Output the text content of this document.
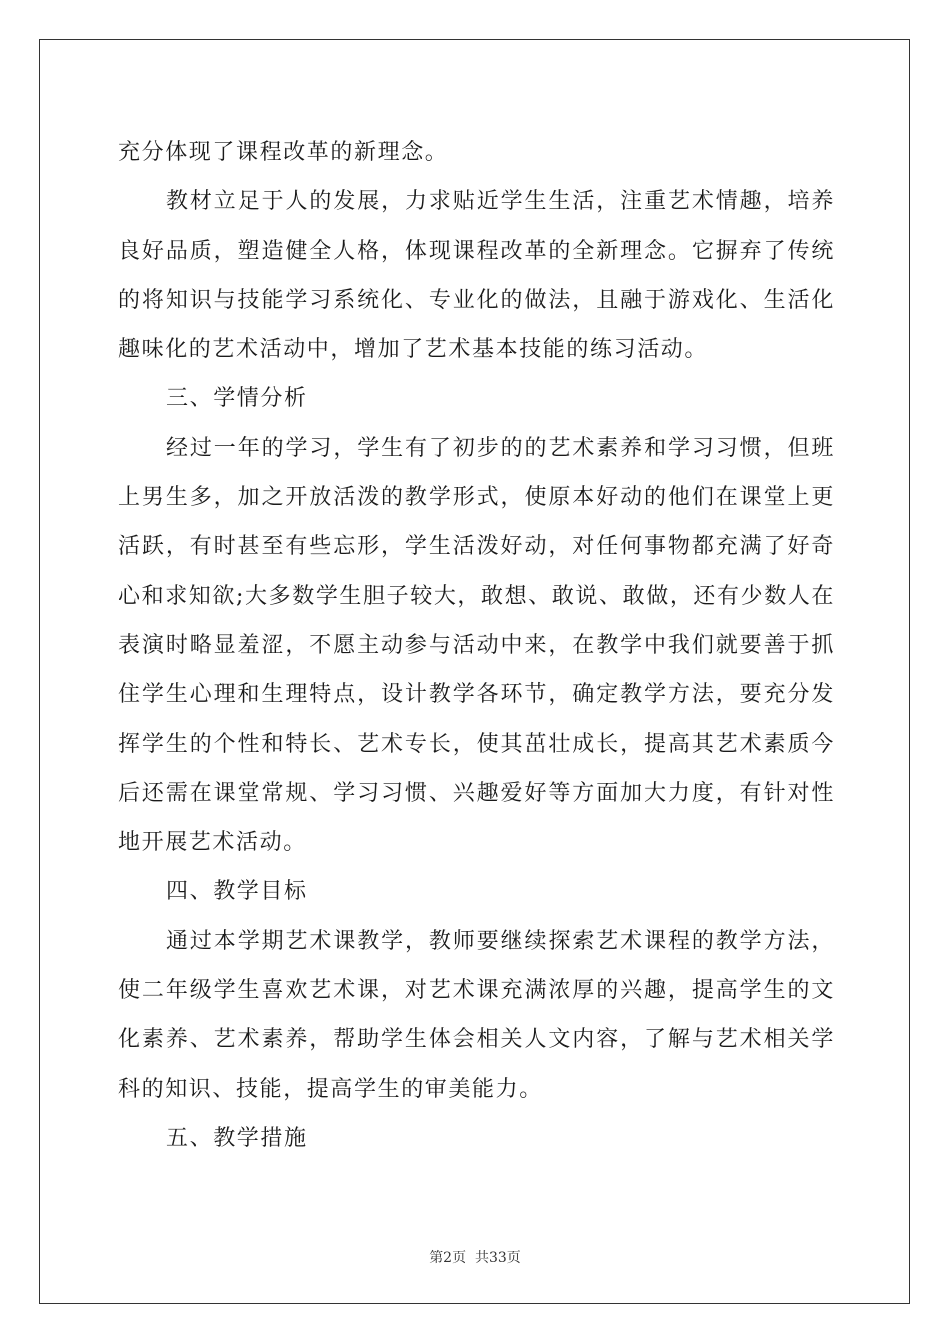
充分体现了课程改革的新理念。

教材立足于人的发展，力求贴近学生生活，注重艺术情趣，培养良好品质，塑造健全人格，体现课程改革的全新理念。它摒弃了传统的将知识与技能学习系统化、专业化的做法，且融于游戏化、生活化趣味化的艺术活动中，增加了艺术基本技能的练习活动。

三、学情分析

经过一年的学习，学生有了初步的的艺术素养和学习习惯，但班上男生多，加之开放活泼的教学形式，使原本好动的他们在课堂上更活跃，有时甚至有些忘形，学生活泼好动，对任何事物都充满了好奇心和求知欲;大多数学生胆子较大，敢想、敢说、敢做，还有少数人在表演时略显羞涩，不愿主动参与活动中来，在教学中我们就要善于抓住学生心理和生理特点，设计教学各环节，确定教学方法，要充分发挥学生的个性和特长、艺术专长，使其茁壮成长，提高其艺术素质今后还需在课堂常规、学习习惯、兴趣爱好等方面加大力度，有针对性地开展艺术活动。

四、教学目标

通过本学期艺术课教学，教师要继续探索艺术课程的教学方法，使二年级学生喜欢艺术课，对艺术课充满浓厚的兴趣，提高学生的文化素养、艺术素养，帮助学生体会相关人文内容，了解与艺术相关学科的知识、技能，提高学生的审美能力。

五、教学措施

第2页  共33页
